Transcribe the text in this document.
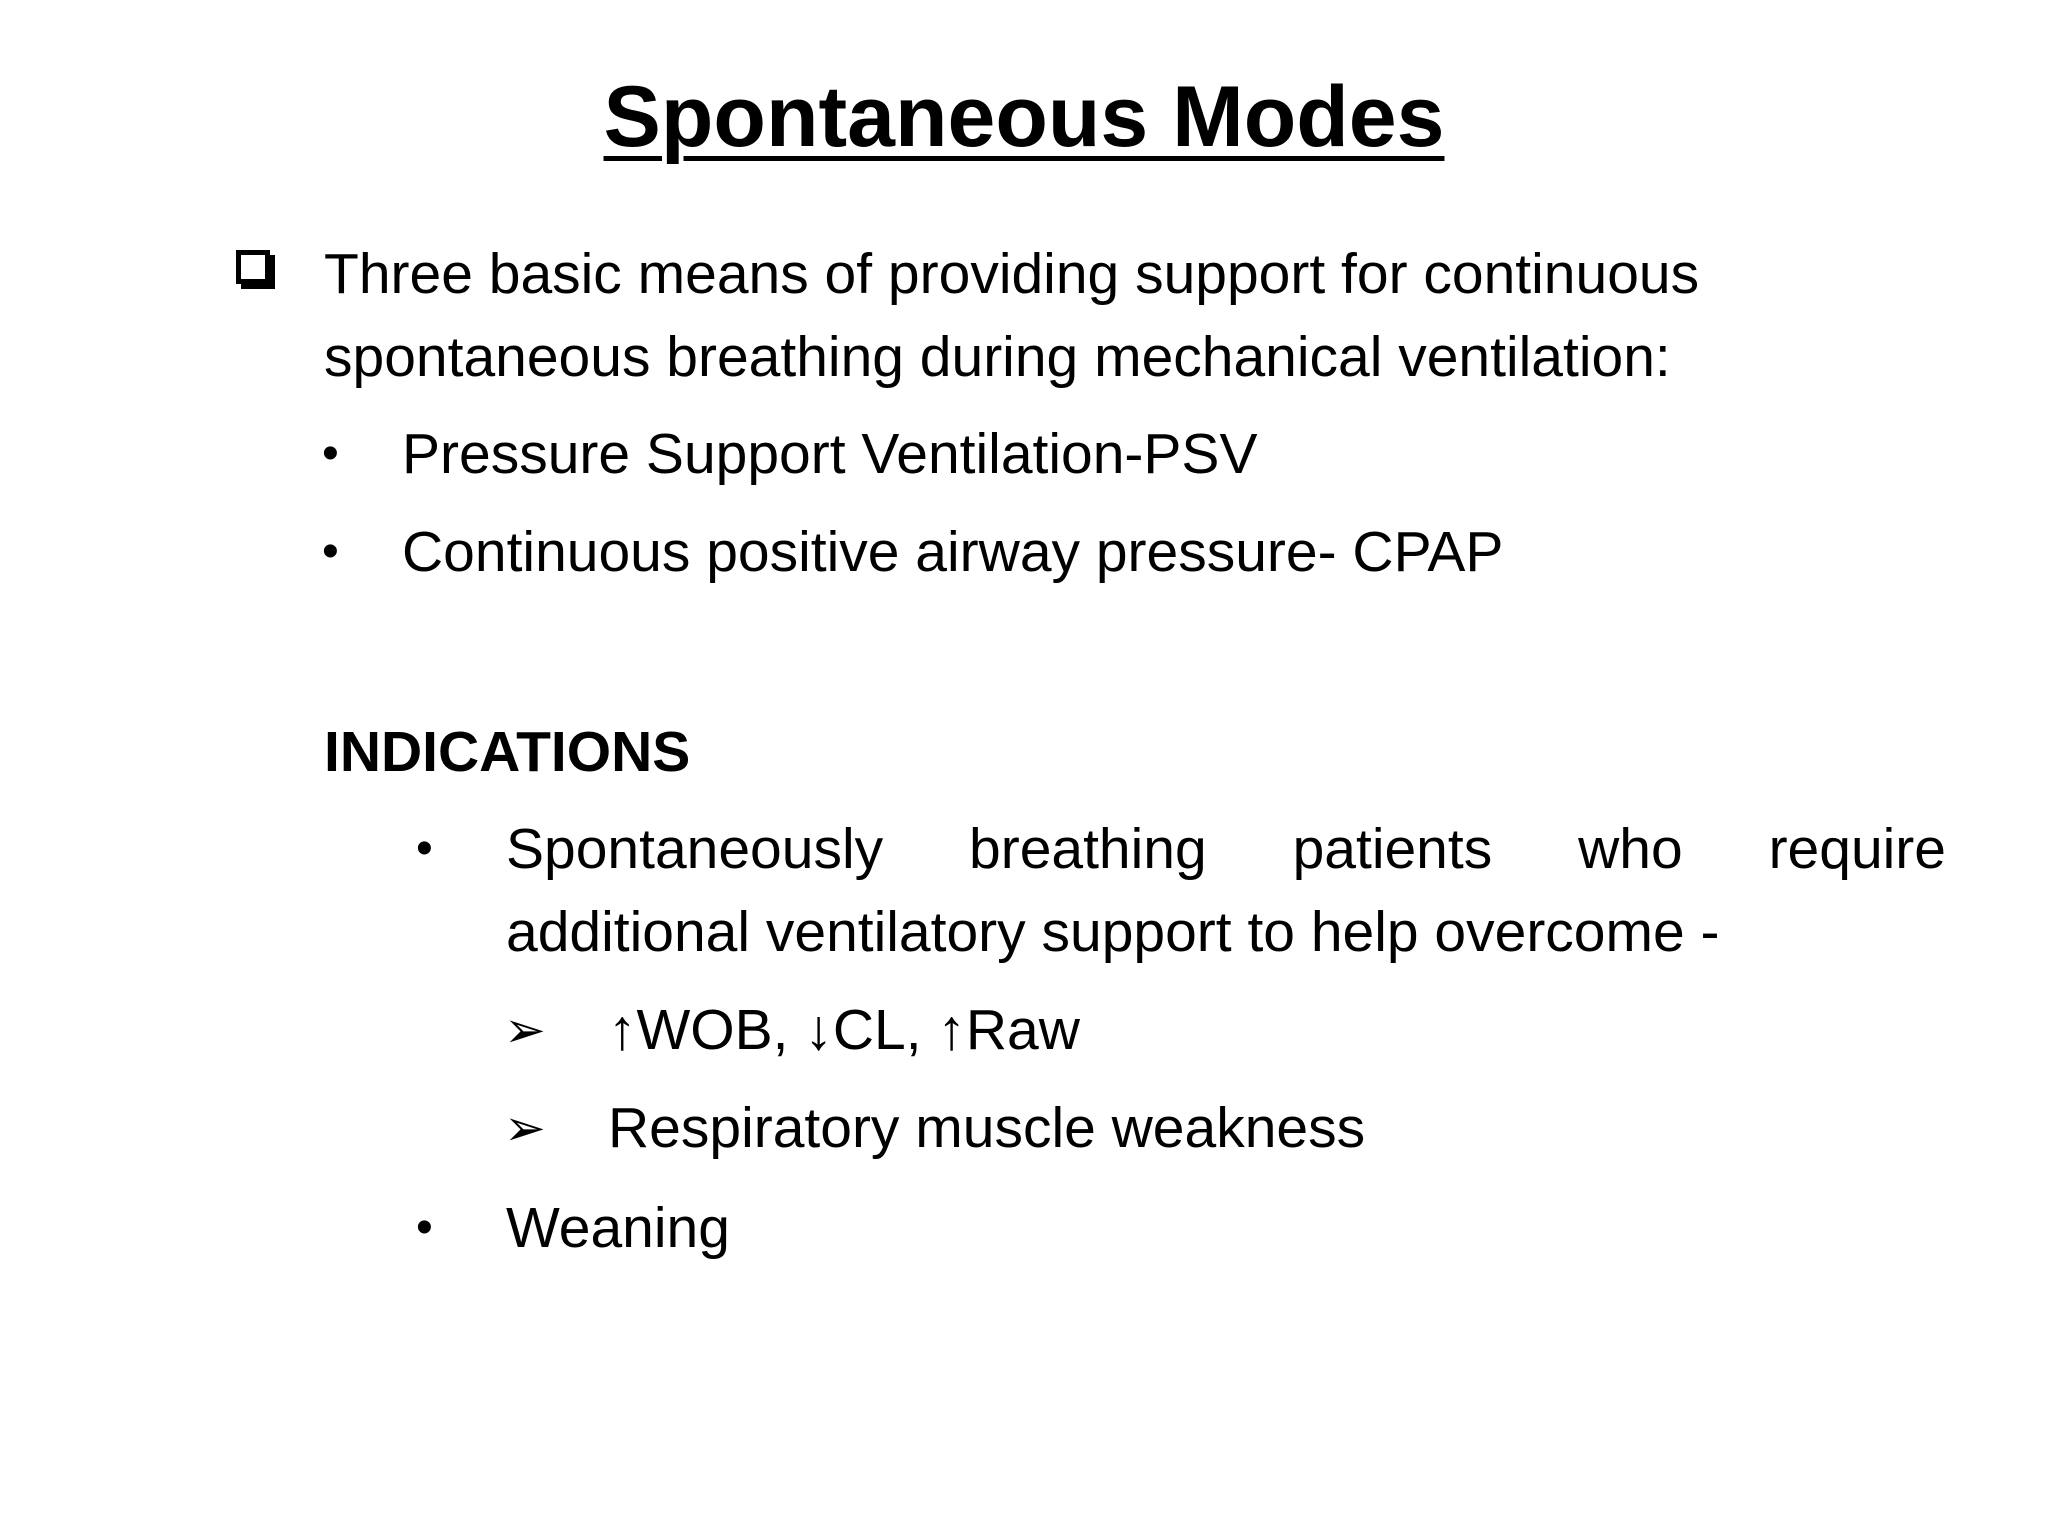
Spontaneous Modes
Three basic means of providing support for continuous
spontaneous breathing during mechanical ventilation:
• Pressure Support Ventilation-PSV
• Continuous positive airway pressure- CPAP
INDICATIONS
• Spontaneously breathing patients who require
additional ventilatory support to help overcome -
➢ ↑WOB, ↓CL, ↑Raw
➢ Respiratory muscle weakness
• Weaning
